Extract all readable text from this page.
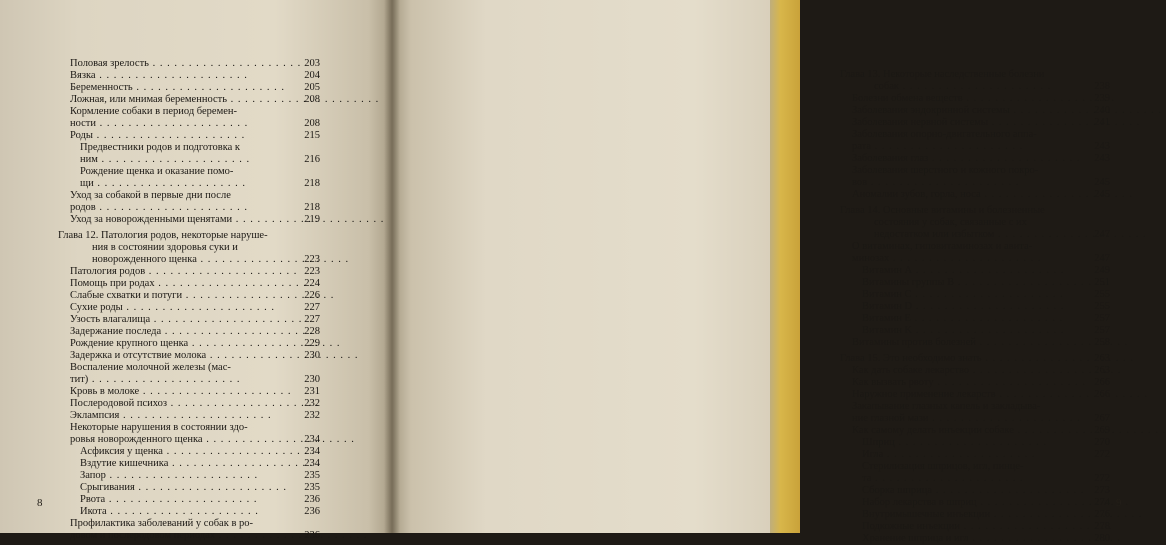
Половая зрелость . . .	203
Вязка . . .	204
Беременность . . .	205
Ложная, или мнимая беременность . . .	208
Кормление собаки в период беремен-
ности . . .	208
Роды . . .	215
Предвестники родов и подготовка к
ним . . .	216
Рождение щенка и оказание помо-
щи . . .	218
Уход за собакой в первые дни после
родов . . .	218
Уход за новорожденными щенятами . . .	219
Глава 12. Патология родов, некоторые наруше-
ния в состоянии здоровья суки и
новорожденного щенка . . .	223
Патология родов . . .	223
Помощь при родах . . .	224
Слабые схватки и потуги . . .	226
Сухие роды . . .	227
Узость влагалища . . .	227
Задержание последа . . .	228
Рождение крупного щенка . . .	229
Задержка и отсутствие молока . . .	230
Воспаление молочной железы (мас-
тит) . . .	230
Кровь в молоке . . .	231
Послеродовой психоз . . .	232
Эклампсия . . .	232
Некоторые нарушения в состоянии здо-
ровья новорожденного щенка . . .	234
Асфиксия у щенка . . .	234
Вздутие кишечника . . .	234
Запор . . .	235
Срыгивания . . .	235
Рвота . . .	236
Икота . . .	236
Профилактика заболеваний у собак в ро-
довом и послеродовом периодах . . .	236
8
Глава 13. Некоторые наследственные болезни
собак . . .	238
Болезни обмена веществ . . .	239
Заболевания эндокринной системы . . .	240
Заболевания нервной системы . . .	241
Заболевания опорно-двигательного аппа-
рата . . .	243
Заболевания глаз . . .	243
Заболевания шерстного и кожного покро-
вов . . .	245
Аномалии зубов, горла, носа . . .	245
Глава 14. Основные витамины и болезненные
состояния у собак, связанные с их
недостатком или избытком . . .	247
О витаминах, гиповитаминозах и авита-
минозах . . .	247
Витамин A . . .	249
Витамины группы B . . .	251
Витамин C . . .	255
Витамин D . . .	255
Витамин E . . .	257
Витамин K . . .	257
Витамины против болезней . . .	258
Глава 15. Это необходимо знать . . .	263
Как дать собаке лекарство . . .	263
Как вызвать рвоту . . .	266
Наружное применение лекарств . . .	266
Закапывание глазных капель и закладыва-
ние глазной мази . . .	267
Как самому делать инъекции собаке . . .	269
Шприц . . .	270
Игла . . .	272
Стерилизация шприцов, игл, пинце-
та . . .	272
Сборка шприца . . .	273
Набор лекарства в шприц . . .	274
Внутримышечные инъекции . . .	276
Подкожные инъекции . . .	278
Хранение шприца и игл . . .	280
9
